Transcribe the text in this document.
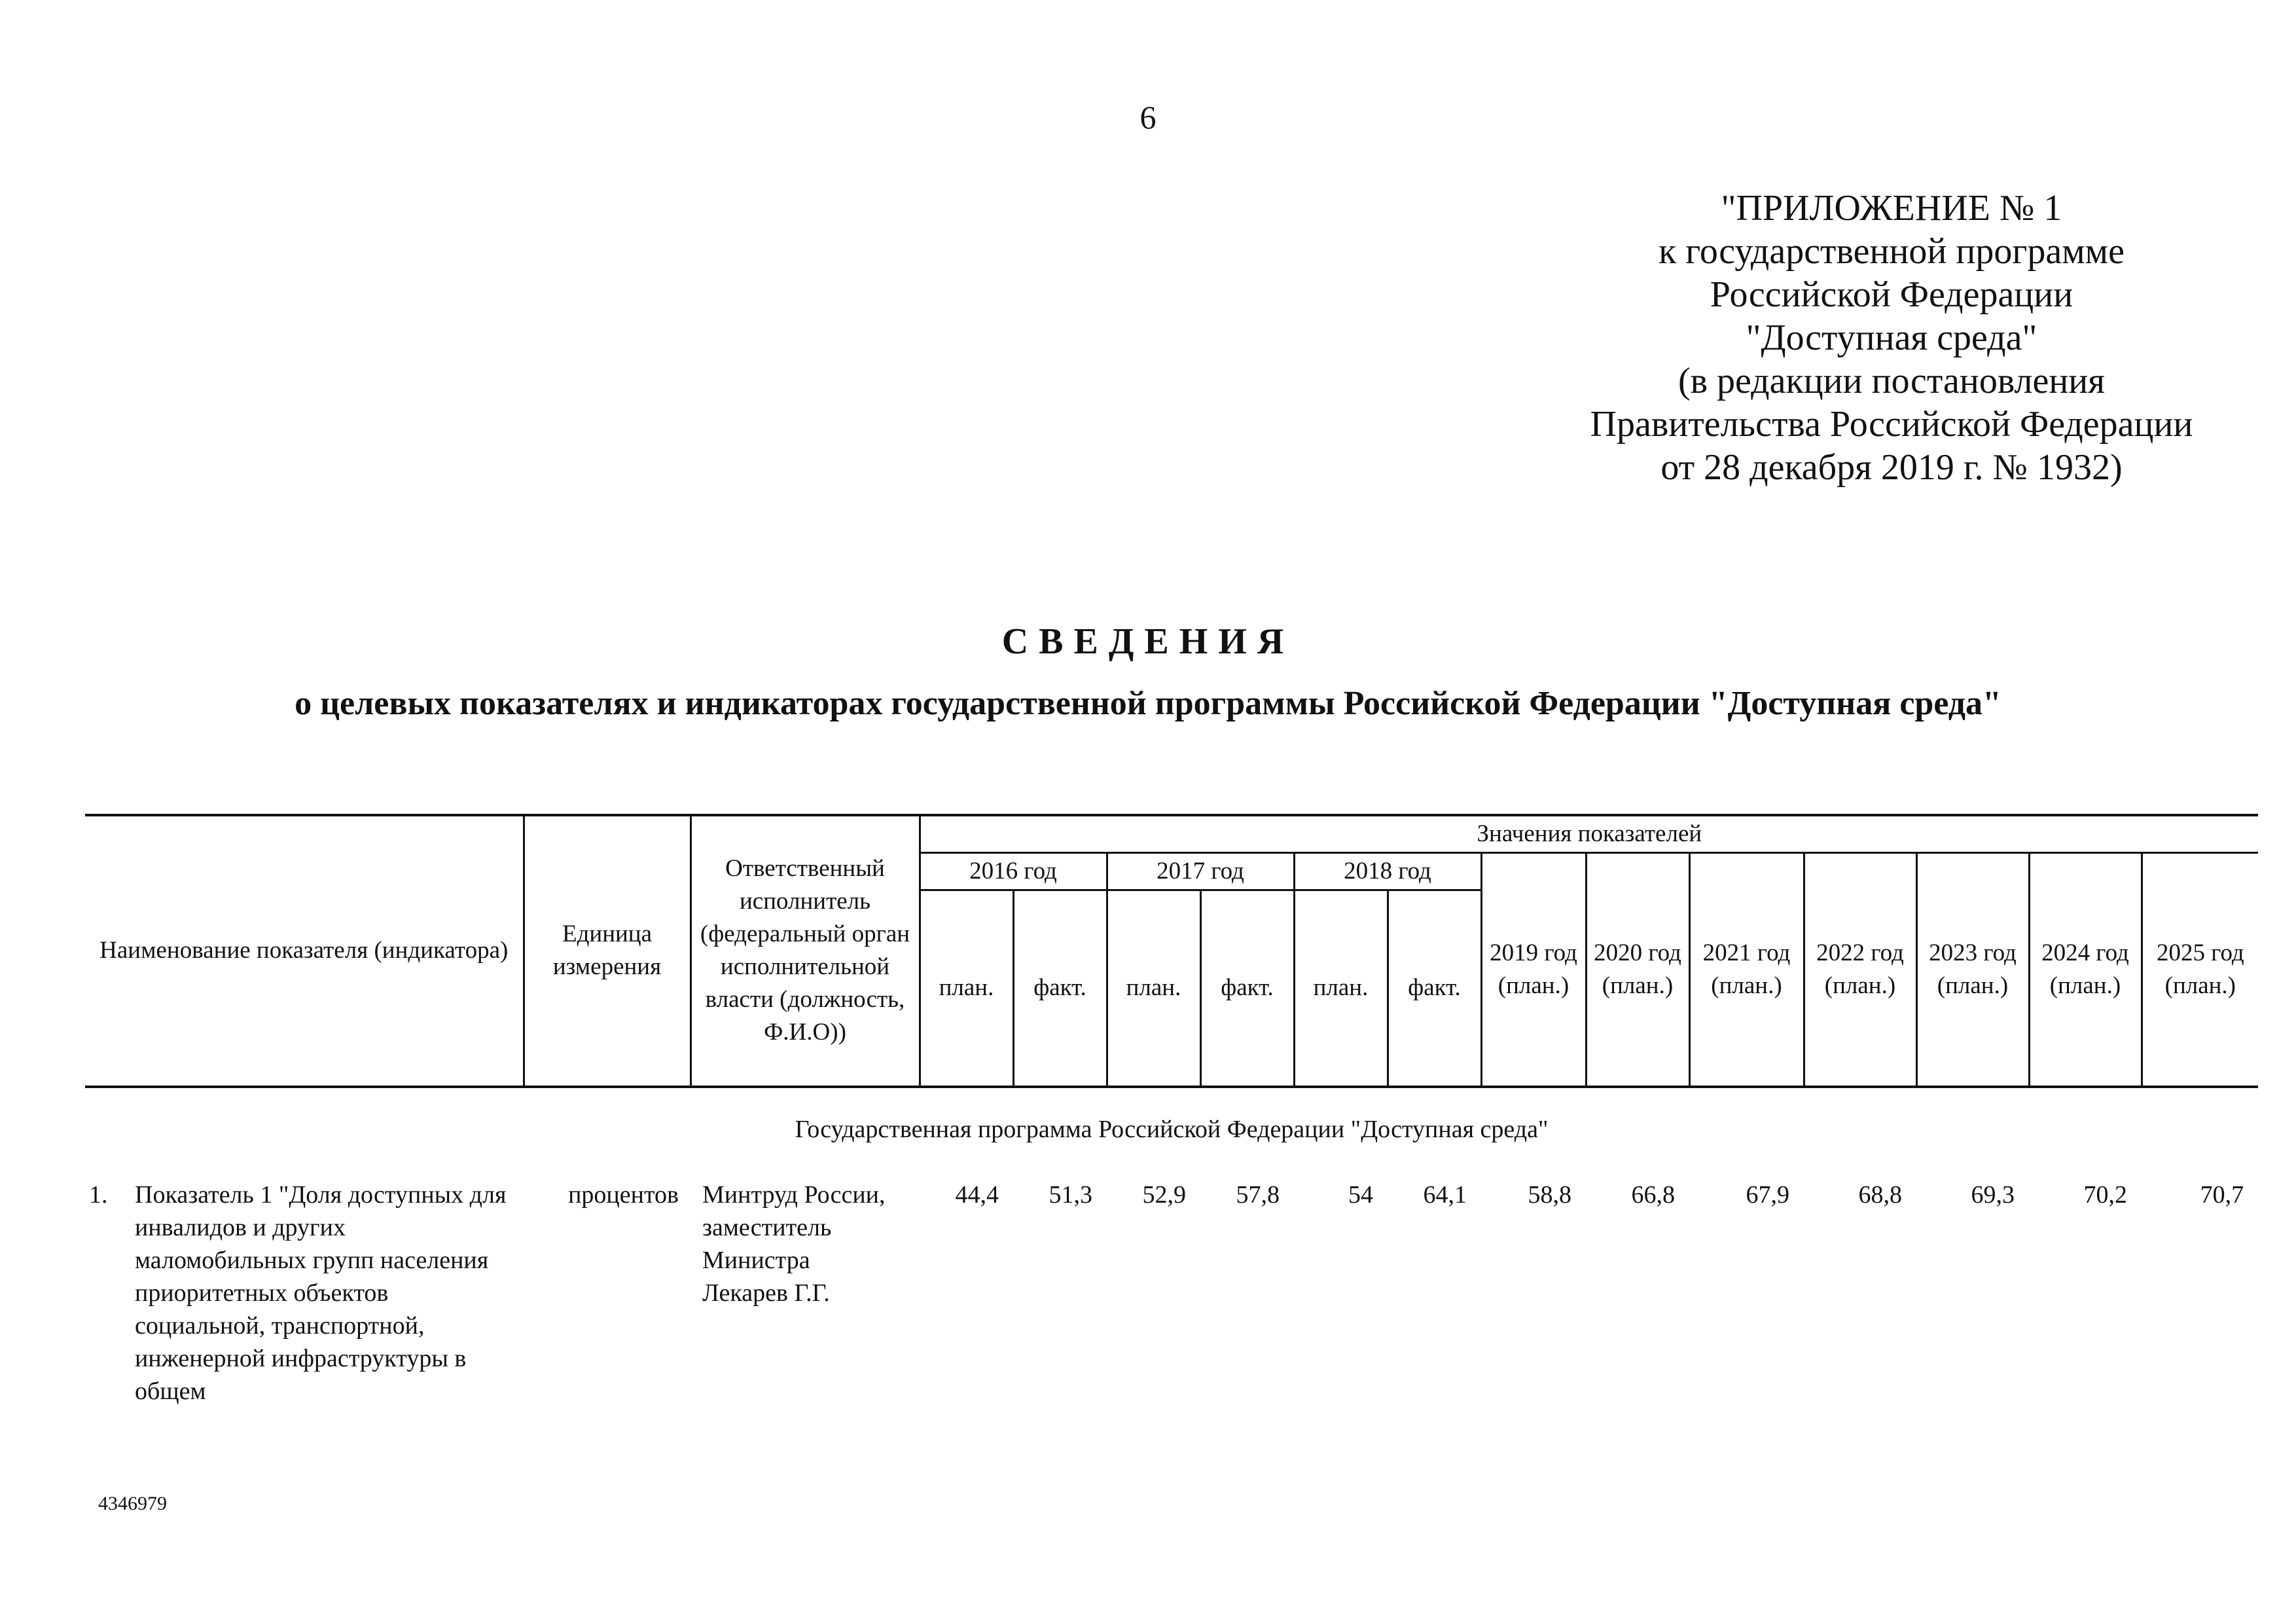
6
"ПРИЛОЖЕНИЕ № 1
к государственной программе
Российской Федерации
"Доступная среда"
(в редакции постановления
Правительства Российской Федерации
от 28 декабря 2019 г. № 1932)
СВЕДЕНИЯ
о целевых показателях и индикаторах государственной программы Российской Федерации "Доступная среда"
Наименование показателя (индикатора)	Единица измерения	Ответственный исполнитель (федеральный орган исполнительной власти (должность, Ф.И.О))	Значения показателей												
			2016 год		2017 год		2018 год		2019 год (план.)	2020 год (план.)	2021 год (план.)	2022 год (план.)	2023 год (план.)	2024 год (план.)	2025 год (план.)
			план.	факт.	план.	факт.	план.	факт.							
Государственная программа Российской Федерации "Доступная среда"															

1. Показатель 1 "Доля доступных для инвалидов и других маломобильных групп населения приоритетных объектов социальной, транспортной, инженерной инфраструктуры в общем	процентов	Минтруд России, заместитель Министра Лекарев Г.Г.	44,4	51,3	52,9	57,8	54	64,1	58,8	66,8	67,9	68,8	69,3	70,2	70,7
4346979
